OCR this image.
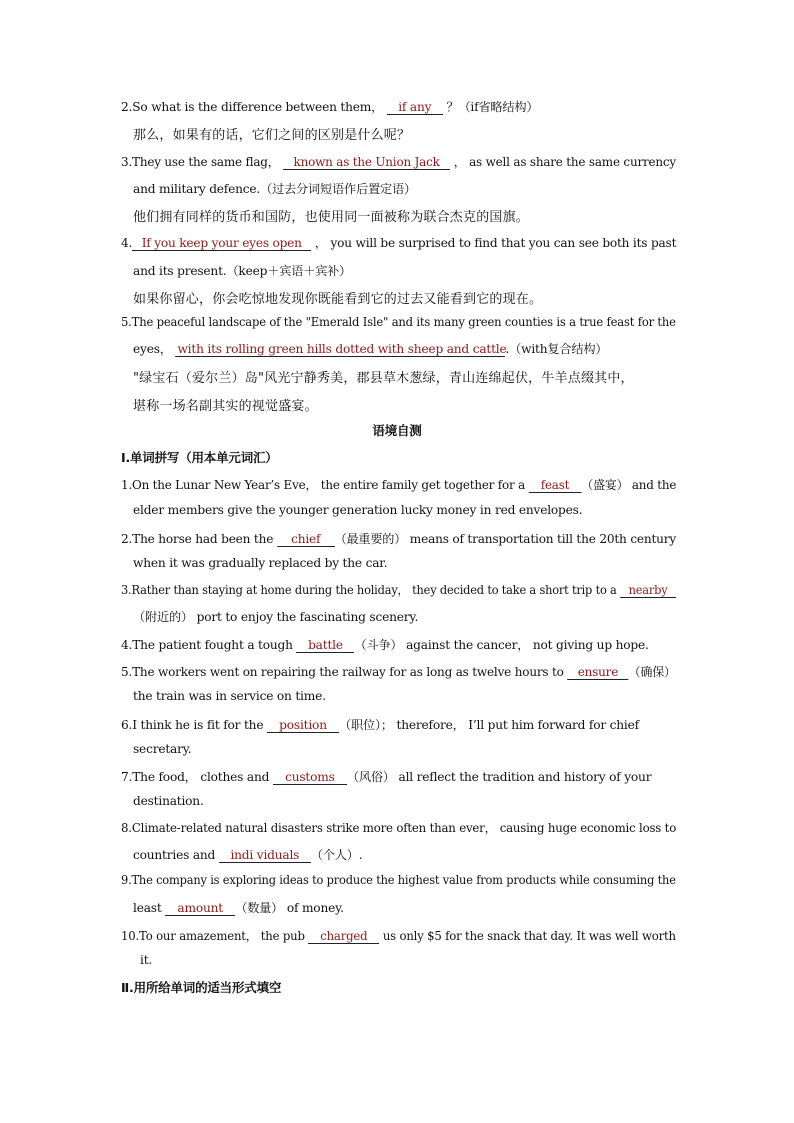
2.So what is the difference between them， if any ？（if省略结构）
那么，如果有的话，它们之间的区别是什么呢？
3.They use the same flag， known as the Union Jack ， as well as share the same currency
and military defence.（过去分词短语作后置定语）
他们拥有同样的货币和国防，也使用同一面被称为联合杰克的国旗。
4. If you keep your eyes open ， you will be surprised to find that you can see both its past
and its present.（keep＋宾语＋宾补）
如果你留心，你会吃惊地发现你既能看到它的过去又能看到它的现在。
5.The peaceful landscape of the "Emerald Isle" and its many green counties is a true feast for the
eyes， with its rolling green hills dotted with sheep and cattle.（with复合结构）
"绿宝石（爱尔兰）岛"风光宁静秀美，郡县草木葱绿，青山连绵起伏，牛羊点缀其中，
堪称一场名副其实的视觉盛宴。
语境自测
Ⅰ.单词拼写（用本单元词汇）
1.On the Lunar New Year’s Eve， the entire family get together for a feast （盛宴） and the
elder members give the younger generation lucky money in red envelopes.
2.The horse had been the chief （最重要的） means of transportation till the 20th century
when it was gradually replaced by the car.
3.Rather than staying at home during the holiday， they decided to take a short trip to a nearby
（附近的） port to enjoy the fascinating scenery.
4.The patient fought a tough battle （斗争） against the cancer， not giving up hope.
5.The workers went on repairing the railway for as long as twelve hours to ensure （确保）
the train was in service on time.
6.I think he is fit for the position （职位）； therefore， I’ll put him forward for chief
secretary.
7.The food， clothes and customs （风俗） all reflect the tradition and history of your
destination.
8.Climate-related natural disasters strike more often than ever， causing huge economic loss to
countries and indi viduals （个人）.
9.The company is exploring ideas to produce the highest value from products while consuming the
least amount （数量） of money.
10.To our amazement， the pub charged us only $5 for the snack that day. It was well worth
it.
Ⅱ.用所给单词的适当形式填空
